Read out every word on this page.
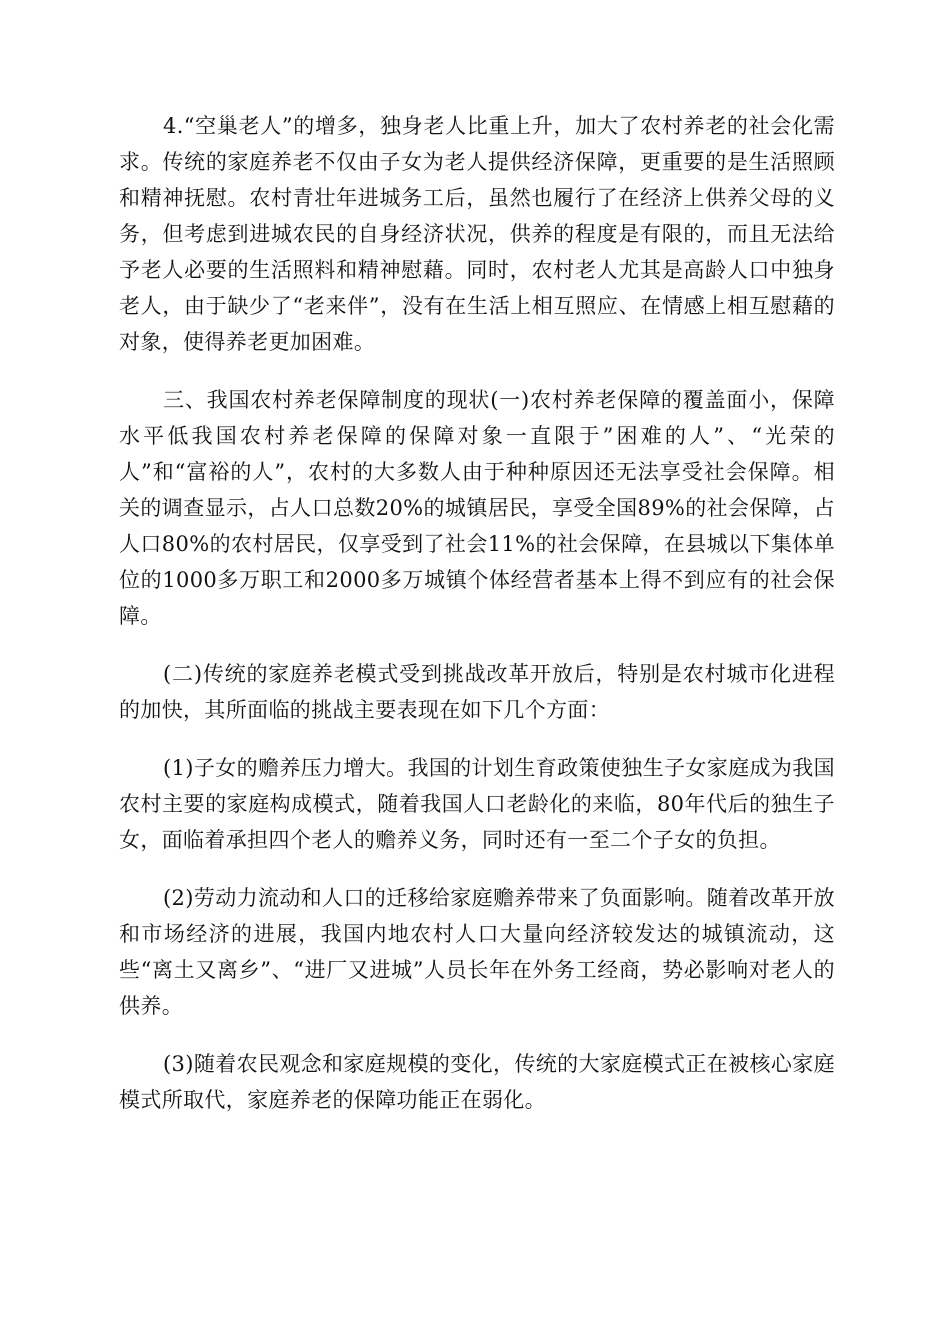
4.“空巢老人”的增多，独身老人比重上升，加大了农村养老的社会化需求。传统的家庭养老不仅由子女为老人提供经济保障，更重要的是生活照顾和精神抚慰。农村青壮年进城务工后，虽然也履行了在经济上供养父母的义务，但考虑到进城农民的自身经济状况，供养的程度是有限的，而且无法给予老人必要的生活照料和精神慰藉。同时，农村老人尤其是高龄人口中独身老人，由于缺少了“老来伴”，没有在生活上相互照应、在情感上相互慰藉的对象，使得养老更加困难。

三、我国农村养老保障制度的现状(一)农村养老保障的覆盖面小，保障水平低我国农村养老保障的保障对象一直限于”困难的人”、“光荣的人”和“富裕的人”，农村的大多数人由于种种原因还无法享受社会保障。相关的调查显示，占人口总数20%的城镇居民，享受全国89%的社会保障，占人口80%的农村居民，仅享受到了社会11%的社会保障，在县城以下集体单位的1000多万职工和2000多万城镇个体经营者基本上得不到应有的社会保障。

(二)传统的家庭养老模式受到挑战改革开放后，特别是农村城市化进程的加快，其所面临的挑战主要表现在如下几个方面：

(1)子女的赡养压力增大。我国的计划生育政策使独生子女家庭成为我国农村主要的家庭构成模式，随着我国人口老龄化的来临，80年代后的独生子女，面临着承担四个老人的赡养义务，同时还有一至二个子女的负担。

(2)劳动力流动和人口的迁移给家庭赡养带来了负面影响。随着改革开放和市场经济的进展，我国内地农村人口大量向经济较发达的城镇流动，这些“离土又离乡”、“进厂又进城”人员长年在外务工经商，势必影响对老人的供养。

(3)随着农民观念和家庭规模的变化，传统的大家庭模式正在被核心家庭模式所取代，家庭养老的保障功能正在弱化。
